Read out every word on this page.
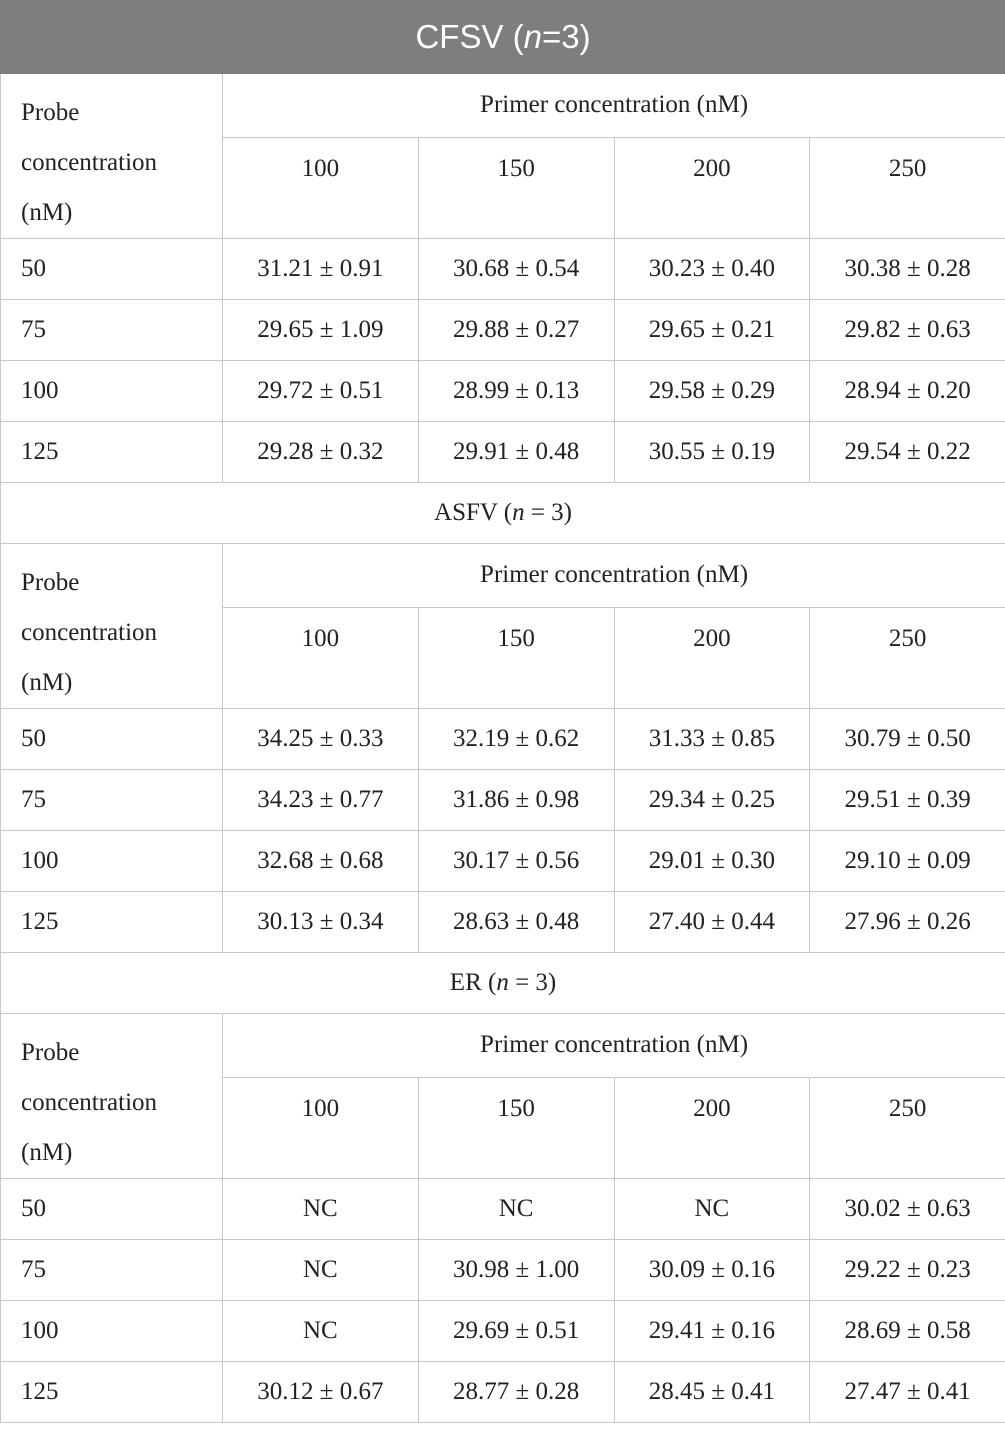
CFSV (n=3)				
Probe
concentration
(nM)	Primer concentration (nM)			
	100	150	200	250
50	31.21 ± 0.91	30.68 ± 0.54	30.23 ± 0.40	30.38 ± 0.28
75	29.65 ± 1.09	29.88 ± 0.27	29.65 ± 0.21	29.82 ± 0.63
100	29.72 ± 0.51	28.99 ± 0.13	29.58 ± 0.29	28.94 ± 0.20
125	29.28 ± 0.32	29.91 ± 0.48	30.55 ± 0.19	29.54 ± 0.22
ASFV (n = 3)				
Probe
concentration
(nM)	Primer concentration (nM)			
	100	150	200	250
50	34.25 ± 0.33	32.19 ± 0.62	31.33 ± 0.85	30.79 ± 0.50
75	34.23 ± 0.77	31.86 ± 0.98	29.34 ± 0.25	29.51 ± 0.39
100	32.68 ± 0.68	30.17 ± 0.56	29.01 ± 0.30	29.10 ± 0.09
125	30.13 ± 0.34	28.63 ± 0.48	27.40 ± 0.44	27.96 ± 0.26
ER (n = 3)				
Probe
concentration
(nM)	Primer concentration (nM)			
	100	150	200	250
50	NC	NC	NC	30.02 ± 0.63
75	NC	30.98 ± 1.00	30.09 ± 0.16	29.22 ± 0.23
100	NC	29.69 ± 0.51	29.41 ± 0.16	28.69 ± 0.58
125	30.12 ± 0.67	28.77 ± 0.28	28.45 ± 0.41	27.47 ± 0.41
